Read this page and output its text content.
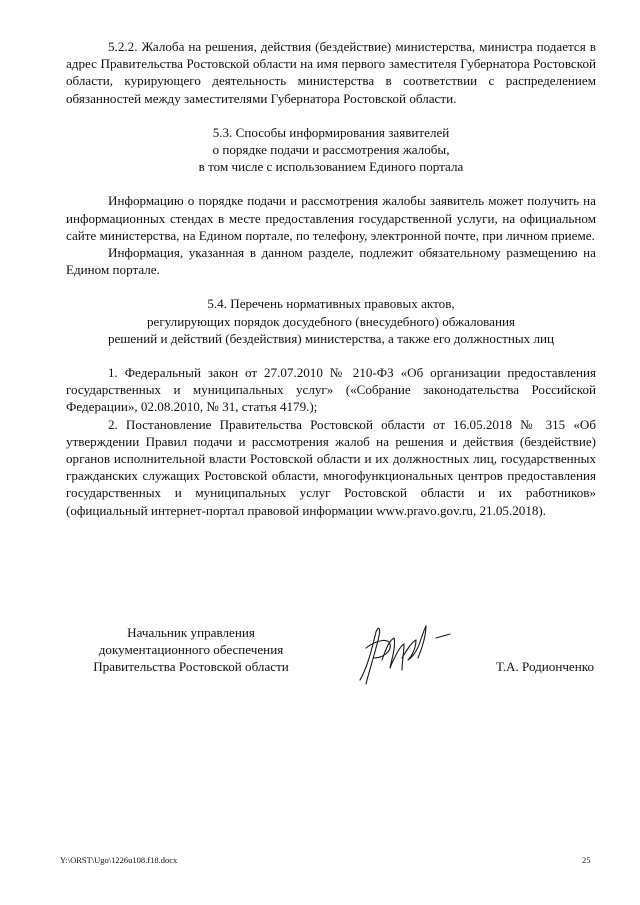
5.2.2. Жалоба на решения, действия (бездействие) министерства, министра подается в адрес Правительства Ростовской области на имя первого заместителя Губернатора Ростовской области, курирующего деятельность министерства в соответствии с распределением обязанностей между заместителями Губернатора Ростовской области.

5.3. Способы информирования заявителей
о порядке подачи и рассмотрения жалобы,
в том числе с использованием Единого портала

Информацию о порядке подачи и рассмотрения жалобы заявитель может получить на информационных стендах в месте предоставления государственной услуги, на официальном сайте министерства, на Едином портале, по телефону, электронной почте, при личном приеме.

Информация, указанная в данном разделе, подлежит обязательному размещению на Едином портале.

5.4. Перечень нормативных правовых актов,
регулирующих порядок досудебного (внесудебного) обжалования
решений и действий (бездействия) министерства, а также его должностных лиц

1. Федеральный закон от 27.07.2010 № 210-ФЗ «Об организации предоставления государственных и муниципальных услуг» («Собрание законодательства Российской Федерации», 02.08.2010, № 31, статья 4179.);

2. Постановление Правительства Ростовской области от 16.05.2018 № 315 «Об утверждении Правил подачи и рассмотрения жалоб на решения и действия (бездействие) органов исполнительной власти Ростовской области и их должностных лиц, государственных гражданских служащих Ростовской области, многофункциональных центров предоставления государственных и муниципальных услуг Ростовской области и их работников» (официальный интернет-портал правовой информации www.pravo.gov.ru, 21.05.2018).

Начальник управления
документационного обеспечения
Правительства Ростовской области	Т.А. Родионченко
Y:\ORST\Ugo\1226u108.f18.docx	25
